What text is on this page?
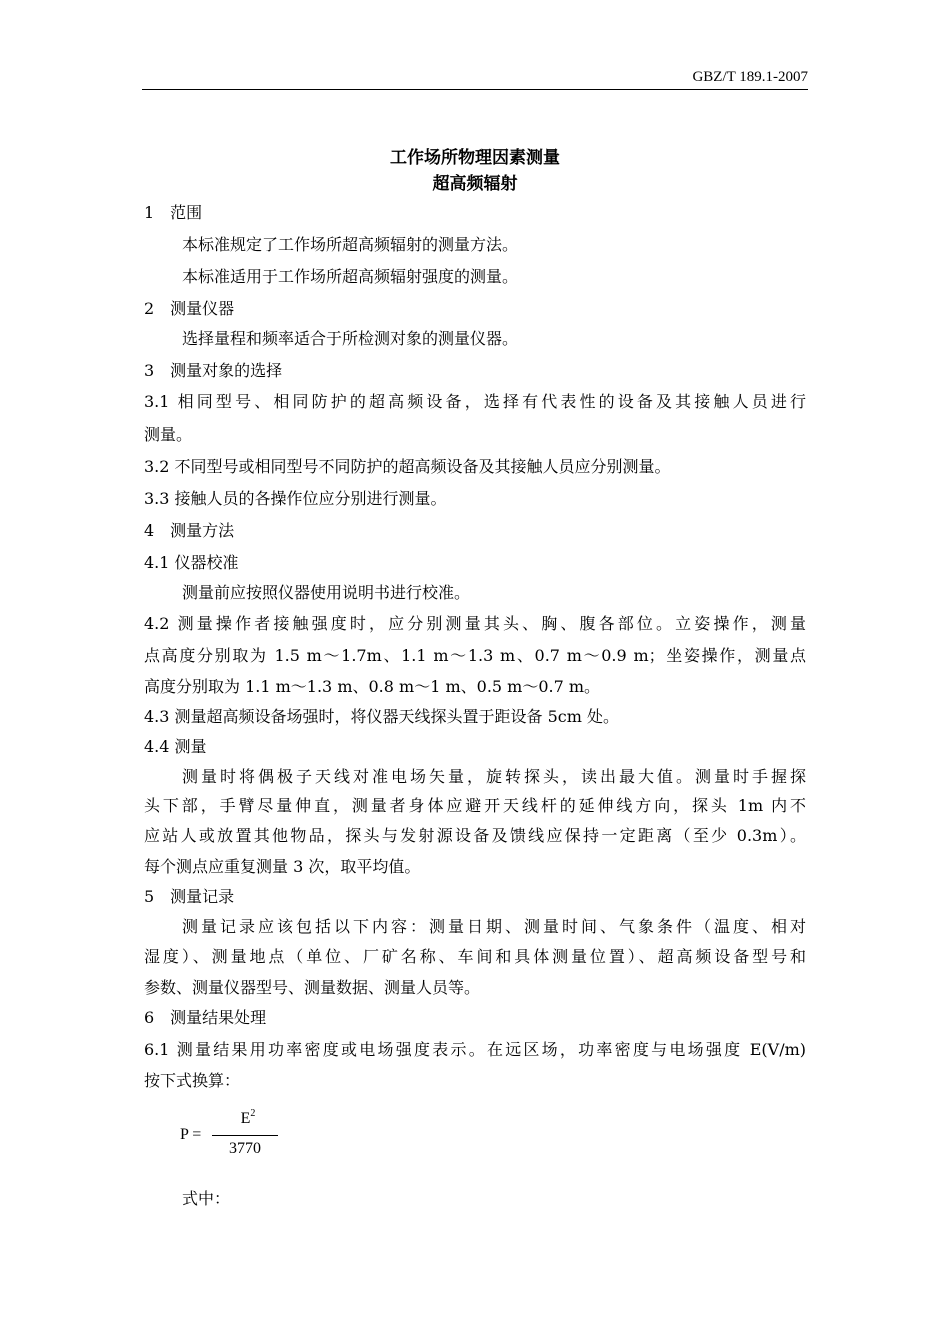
GBZ/T 189.1-2007
工作场所物理因素测量
超高频辐射
1　范围
本标准规定了工作场所超高频辐射的测量方法。
本标准适用于工作场所超高频辐射强度的测量。
2　测量仪器
选择量程和频率适合于所检测对象的测量仪器。
3　测量对象的选择
3.1 相同型号、相同防护的超高频设备，选择有代表性的设备及其接触人员进行
测量。
3.2 不同型号或相同型号不同防护的超高频设备及其接触人员应分别测量。
3.3 接触人员的各操作位应分别进行测量。
4　测量方法
4.1 仪器校准
测量前应按照仪器使用说明书进行校准。
4.2 测量操作者接触强度时，应分别测量其头、胸、腹各部位。立姿操作，测量
点高度分别取为 1.5 m～1.7m、1.1 m～1.3 m、0.7 m～0.9 m；坐姿操作，测量点
高度分别取为 1.1 m～1.3 m、0.8 m～1 m、0.5 m～0.7 m。
4.3 测量超高频设备场强时，将仪器天线探头置于距设备 5cm 处。
4.4 测量
测量时将偶极子天线对准电场矢量，旋转探头，读出最大值。测量时手握探
头下部，手臂尽量伸直，测量者身体应避开天线杆的延伸线方向，探头 1m 内不
应站人或放置其他物品，探头与发射源设备及馈线应保持一定距离（至少 0.3m）。
每个测点应重复测量 3 次，取平均值。
5　测量记录
测量记录应该包括以下内容：测量日期、测量时间、气象条件（温度、相对
湿度）、测量地点（单位、厂矿名称、车间和具体测量位置）、超高频设备型号和
参数、测量仪器型号、测量数据、测量人员等。
6　测量结果处理
6.1 测量结果用功率密度或电场强度表示。在远区场，功率密度与电场强度 E(V/m)
按下式换算：
P =
$E^2$
3770
式中：
